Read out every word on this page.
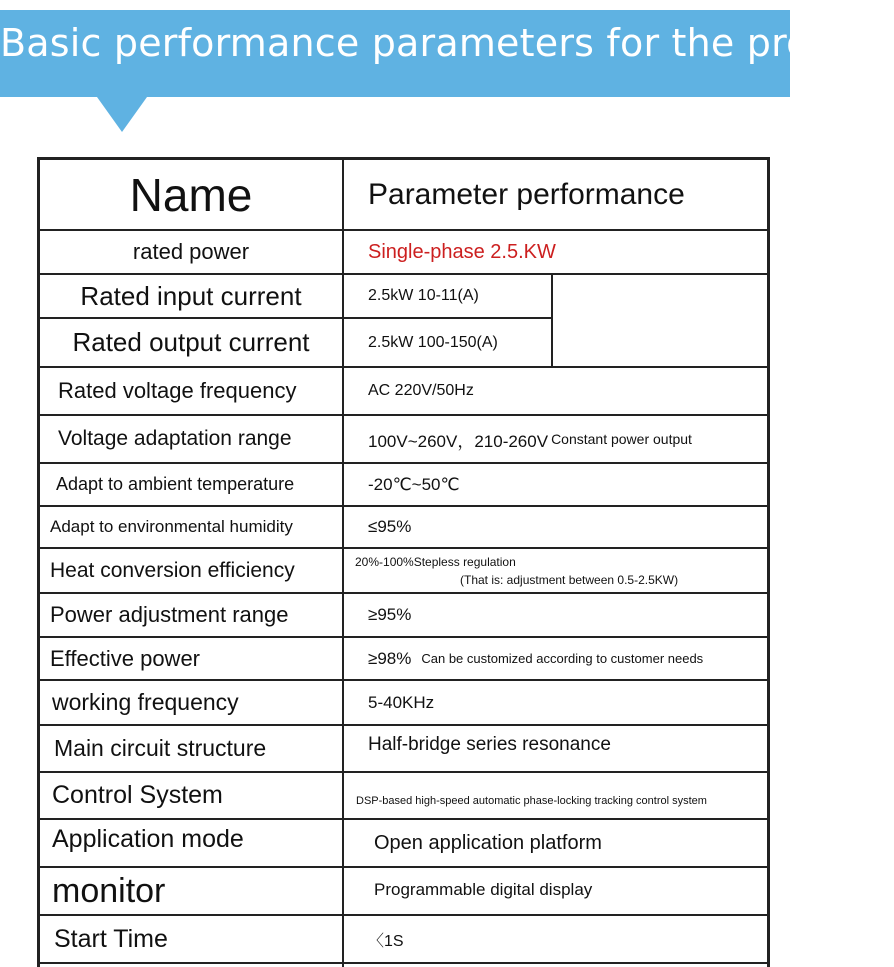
Basic performance parameters for the product
Name	Parameter performance
rated power	Single-phase 2.5.KW
Rated input current	2.5kW 10-11(A)
Rated output current	2.5kW 100-150(A)
Rated voltage frequency	AC 220V/50Hz
Voltage adaptation range	100V~260V，210-260V Constant power output
Adapt to ambient temperature	-20℃~50℃
Adapt to environmental humidity	≤95%
Heat conversion efficiency	20%-100%Stepless regulation
(That is: adjustment between 0.5-2.5KW)
Power adjustment range	≥95%
Effective power	≥98% Can be customized according to customer needs
working frequency	5-40KHz
Main circuit structure	Half-bridge series resonance
Control System	DSP-based high-speed automatic phase-locking tracking control system
Application mode	Open application platform
monitor	Programmable digital display
Start Time	〈1S
